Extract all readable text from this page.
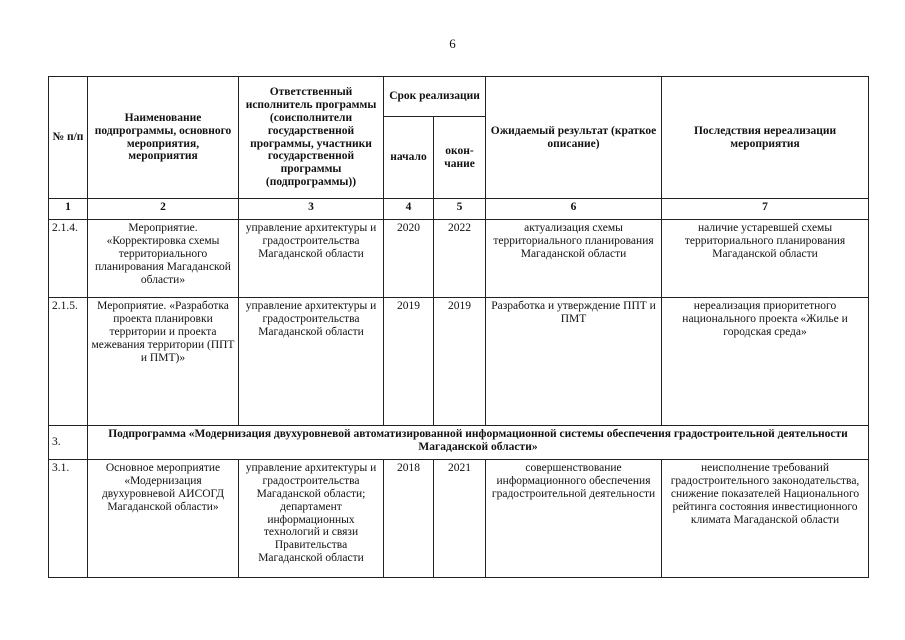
6
№ п/п	Наименование подпрограммы, основного мероприятия, мероприятия	Ответственный исполнитель программы (соисполнители государственной программы, участники государственной программы (подпрограммы))	Срок реализации		Ожидаемый результат (краткое описание)	Последствия нереализации мероприятия
			начало	окон- чание		
1	2	3	4	5	6	7
2.1.4.	Мероприятие. «Корректировка схемы территориального планирования Магаданской области»	управление архитектуры и градостроительства Магаданской области	2020	2022	актуализация схемы территориального планирования Магаданской области	наличие устаревшей схемы территориального планирования Магаданской области
2.1.5.	Мероприятие. «Разработка проекта планировки территории и проекта межевания территории (ППТ и ПМТ)»	управление архитектуры и градостроительства Магаданской области	2019	2019	Разработка и утверждение ППТ и ПМТ	нереализация приоритетного национального проекта «Жилье и городская среда»
3.	Подпрограмма «Модернизация двухуровневой автоматизированной информационной системы обеспечения градостроительной деятельности Магаданской области»					
3.1.	Основное мероприятие «Модернизация двухуровневой АИСОГД Магаданской области»	управление архитектуры и градостроительства Магаданской области; департамент информационных технологий и связи Правительства Магаданской области	2018	2021	совершенствование информационного обеспечения градостроительной деятельности	неисполнение требований градостроительного законодательства, снижение показателей Национального рейтинга состояния инвестиционного климата Магаданской области
